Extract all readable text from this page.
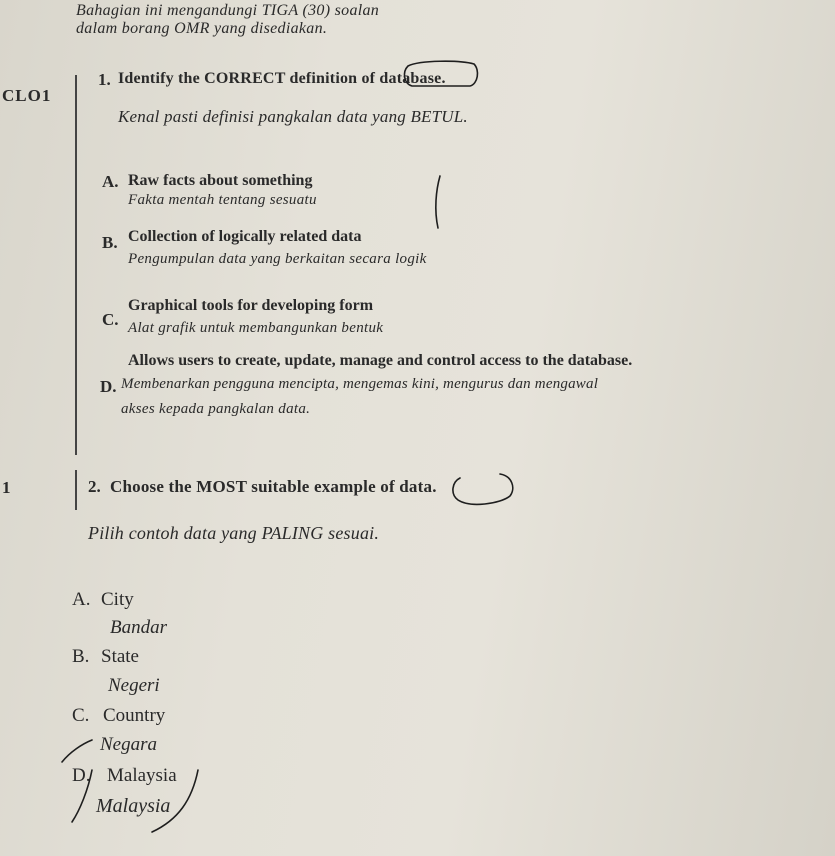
Bahagian ini mengandungi TIGA (30) soalan
dalam borang OMR yang disediakan.
CLO1
1. Identify the CORRECT definition of database.
Kenal pasti definisi pangkalan data yang BETUL.
A. Raw facts about something
Fakta mentah tentang sesuatu
B. Collection of logically related data
Pengumpulan data yang berkaitan secara logik
C.
Graphical tools for developing form
Alat grafik untuk membangunkan bentuk
D.
Allows users to create, update, manage and control access to the database.
Membenarkan pengguna mencipta, mengemas kini, mengurus dan mengawal
akses kepada pangkalan data.
1	2. Choose the MOST suitable example of data.
Pilih contoh data yang PALING sesuai.
A. City
Bandar
B. State
Negeri
C. Country
Negara
D. Malaysia
Malaysia
